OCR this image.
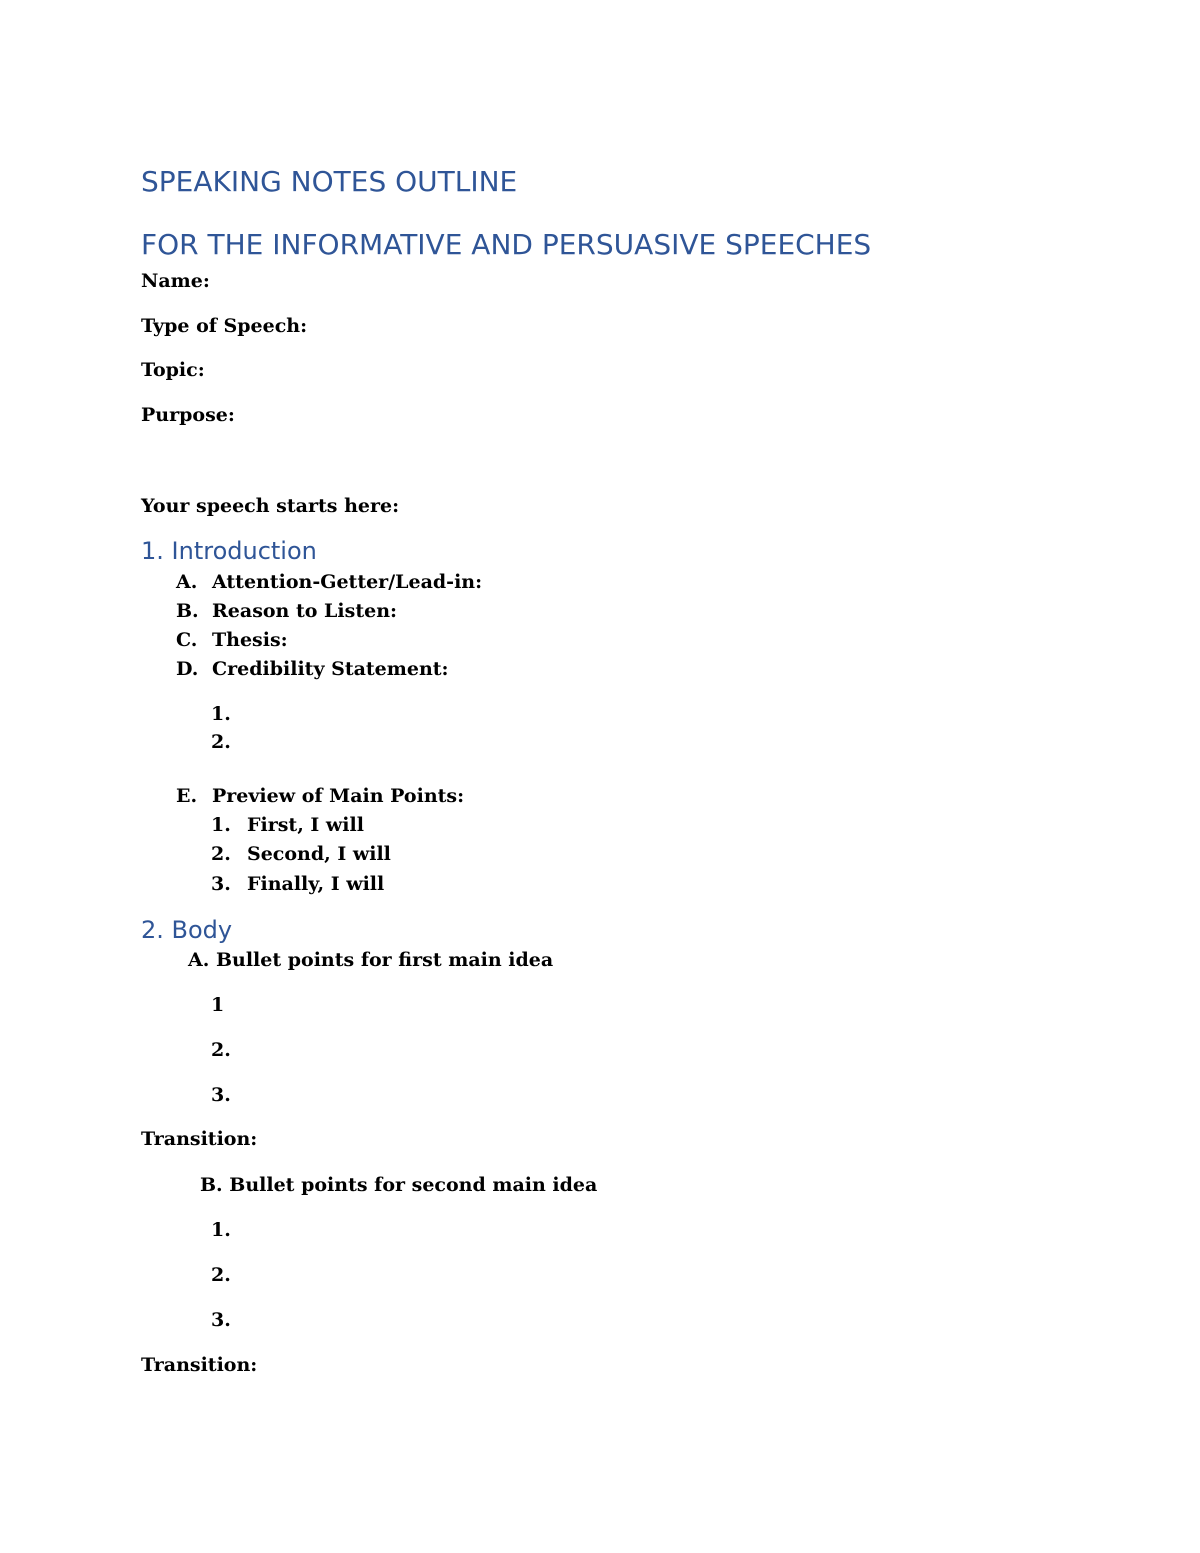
SPEAKING NOTES OUTLINE
FOR THE INFORMATIVE AND PERSUASIVE SPEECHES
Name:
Type of Speech:
Topic:
Purpose:
Your speech starts here:
1. Introduction
A. Attention-Getter/Lead-in:
B. Reason to Listen:
C. Thesis:
D. Credibility Statement:
1.
2.
E. Preview of Main Points:
1. First, I will
2. Second, I will
3. Finally, I will
2. Body
A. Bullet points for first main idea
1
2.
3.
Transition:
B. Bullet points for second main idea
1.
2.
3.
Transition:
